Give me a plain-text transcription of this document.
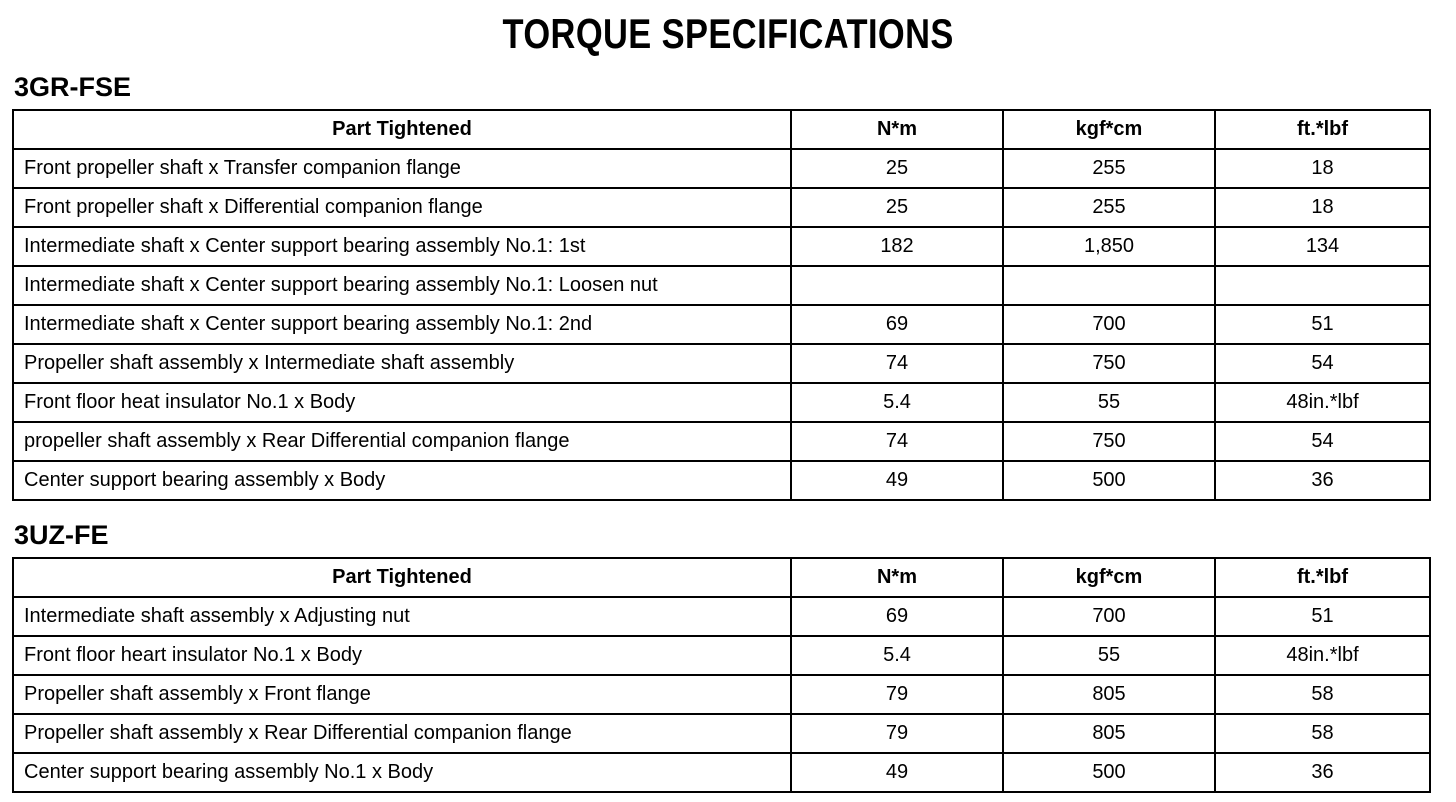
TORQUE SPECIFICATIONS
3GR-FSE
Part Tightened	N*m	kgf*cm	ft.*lbf
Front propeller shaft x Transfer companion flange	25	255	18
Front propeller shaft x Differential companion flange	25	255	18
Intermediate shaft x Center support bearing assembly No.1: 1st	182	1,850	134
Intermediate shaft x Center support bearing assembly No.1: Loosen nut			
Intermediate shaft x Center support bearing assembly No.1: 2nd	69	700	51
Propeller shaft assembly x Intermediate shaft assembly	74	750	54
Front floor heat insulator No.1 x Body	5.4	55	48in.*lbf
propeller shaft assembly x Rear Differential companion flange	74	750	54
Center support bearing assembly x Body	49	500	36
3UZ-FE
Part Tightened	N*m	kgf*cm	ft.*lbf
Intermediate shaft assembly x Adjusting nut	69	700	51
Front floor heart insulator No.1 x Body	5.4	55	48in.*lbf
Propeller shaft assembly x Front flange	79	805	58
Propeller shaft assembly x Rear Differential companion flange	79	805	58
Center support bearing assembly No.1 x Body	49	500	36
